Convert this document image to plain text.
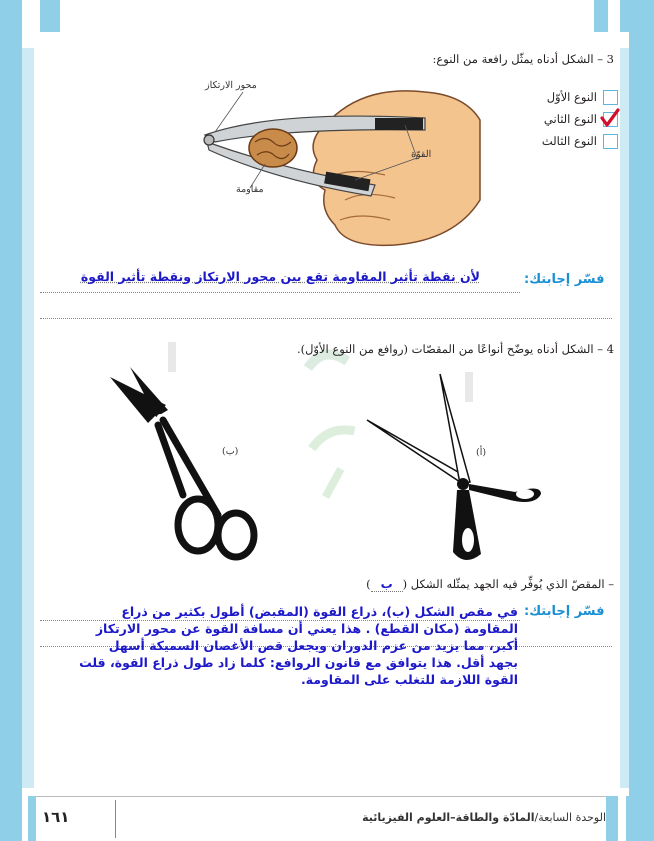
3 – الشكل أدناه يمثّل رافعة من النوع:
محور الارتكاز
القوّة
مقاومة
النوع الأوّل
النوع الثاني
النوع الثالث
فسّر إجابتك:
لأن نقطة تأثير المقاومة تقع بين محور الارتكاز ونقطة تأثير القوة
4 – الشكل أدناه يوضّح أنواعًا من المقصّات (روافع من النوع الأوّل).
(ب)	(أ)
– المقصّ الذي يُوفِّر فيه الجهد يمثّله الشكل (
ب
)
فسّر إجابتك:
في مقص الشكل (ب)، ذراع القوة (المقبض) أطول بكثير من ذراع
المقاومة (مكان القطع) . هذا يعني أن مسافة القوة عن محور الارتكاز
أكبر، مما يزيد من عزم الدوران ويجعل قص الأغصان السميكة أسهل
بجهد أقل. هذا يتوافق مع قانون الروافع: كلما زاد طول ذراع القوة، قلت
القوة اللازمة للتغلب على المقاومة.
١٦١	الوحدة السابعة/المادّة والطاقة–العلوم الفيزيائية
